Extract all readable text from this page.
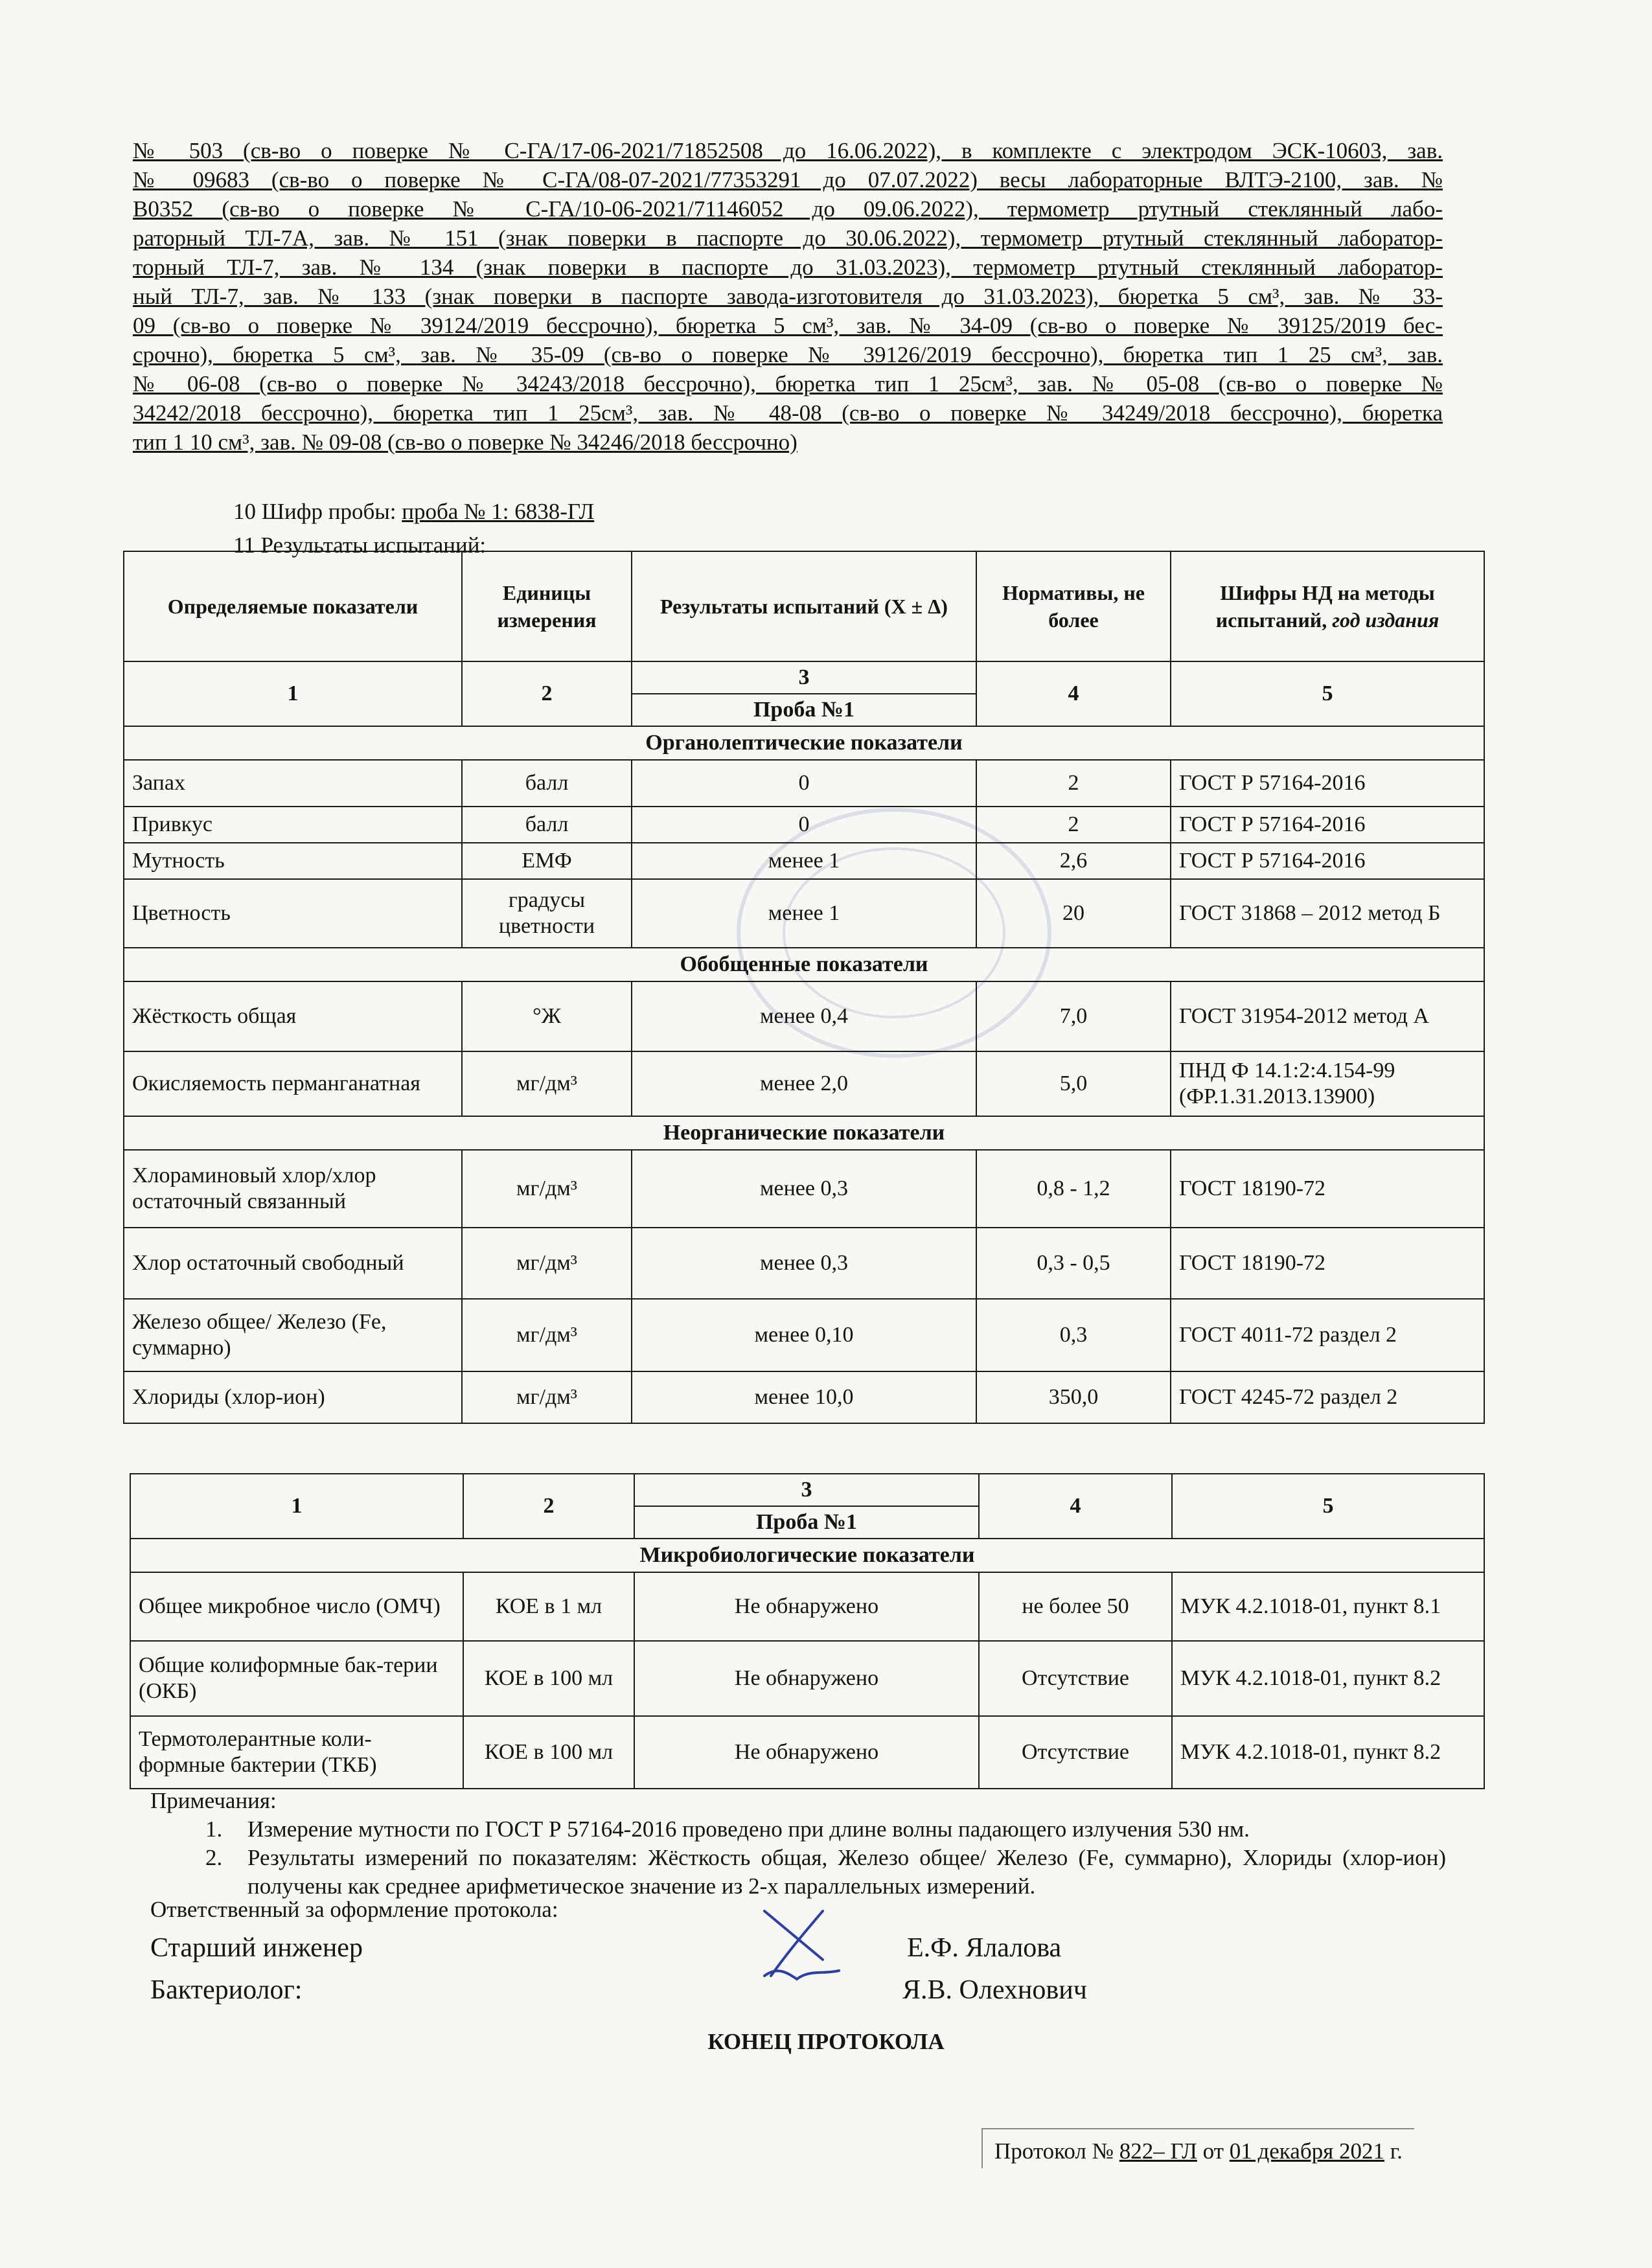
№ 503 (св-во о поверке № С-ГА/17-06-2021/71852508 до 16.06.2022), в комплекте с электродом ЭСК-10603, зав.
№ 09683 (св-во о поверке № С-ГА/08-07-2021/77353291 до 07.07.2022) весы лабораторные ВЛТЭ-2100, зав. №
В0352 (св-во о поверке № С-ГА/10-06-2021/71146052 до 09.06.2022), термометр ртутный стеклянный лабо-
раторный ТЛ-7А, зав. № 151 (знак поверки в паспорте до 30.06.2022), термометр ртутный стеклянный лаборатор-
торный ТЛ-7, зав. № 134 (знак поверки в паспорте до 31.03.2023), термометр ртутный стеклянный лаборатор-
ный ТЛ-7, зав. № 133 (знак поверки в паспорте завода-изготовителя до 31.03.2023), бюретка 5 см³, зав. № 33-
09 (св-во о поверке № 39124/2019 бессрочно), бюретка 5 см³, зав. № 34-09 (св-во о поверке № 39125/2019 бес-
срочно), бюретка 5 см³, зав. № 35-09 (св-во о поверке № 39126/2019 бессрочно), бюретка тип 1 25 см³, зав.
№ 06-08 (св-во о поверке № 34243/2018 бессрочно), бюретка тип 1 25см³, зав. № 05-08 (св-во о поверке №
34242/2018 бессрочно), бюретка тип 1 25см³, зав. № 48-08 (св-во о поверке № 34249/2018 бессрочно), бюретка
тип 1 10 см³, зав. № 09-08 (св-во о поверке № 34246/2018 бессрочно)
10 Шифр пробы: проба № 1: 6838-ГЛ
11 Результаты испытаний:
Определяемые показатели	Единицы измерения	Результаты испытаний (Х ± Δ)	Нормативы, не более	Шифры НД на методы испытаний, год издания
1	2	3	4	5
		Проба №1		
Органолептические показатели				
Запах	балл	0	2	ГОСТ Р 57164-2016
Привкус	балл	0	2	ГОСТ Р 57164-2016
Мутность	ЕМФ	менее 1	2,6	ГОСТ Р 57164-2016
Цветность	градусы цветности	менее 1	20	ГОСТ 31868 – 2012 метод Б
Обобщенные показатели				
Жёсткость общая	°Ж	менее 0,4	7,0	ГОСТ 31954-2012 метод А
Окисляемость перманганатная	мг/дм³	менее 2,0	5,0	ПНД Ф 14.1:2:4.154-99 (ФР.1.31.2013.13900)
Неорганические показатели				
Хлораминовый хлор/хлор остаточный связанный	мг/дм³	менее 0,3	0,8 - 1,2	ГОСТ 18190-72
Хлор остаточный свободный	мг/дм³	менее 0,3	0,3 - 0,5	ГОСТ 18190-72
Железо общее/ Железо (Fe, суммарно)	мг/дм³	менее 0,10	0,3	ГОСТ 4011-72 раздел 2
Хлориды (хлор-ион)	мг/дм³	менее 10,0	350,0	ГОСТ 4245-72 раздел 2
1	2	3	4	5
		Проба №1		
Микробиологические показатели				
Общее микробное число (ОМЧ)	КОЕ в 1 мл	Не обнаружено	не более 50	МУК 4.2.1018-01, пункт 8.1
Общие колиформные бак-терии (ОКБ)	КОЕ в 100 мл	Не обнаружено	Отсутствие	МУК 4.2.1018-01, пункт 8.2
Термотолерантные коли-формные бактерии (ТКБ)	КОЕ в 100 мл	Не обнаружено	Отсутствие	МУК 4.2.1018-01, пункт 8.2
Примечания:
1. Измерение мутности по ГОСТ Р 57164-2016 проведено при длине волны падающего излучения 530 нм.
2. Результаты измерений по показателям: Жёсткость общая, Железо общее/ Железо (Fe, суммарно), Хлориды (хлор-ион) получены как среднее арифметическое значение из 2-х параллельных измерений.
Ответственный за оформление протокола:
Старший инженер
Бактериолог:
Е.Ф. Ялалова
Я.В. Олехнович
КОНЕЦ ПРОТОКОЛА
Протокол № 822– ГЛ от 01 декабря 2021 г.
